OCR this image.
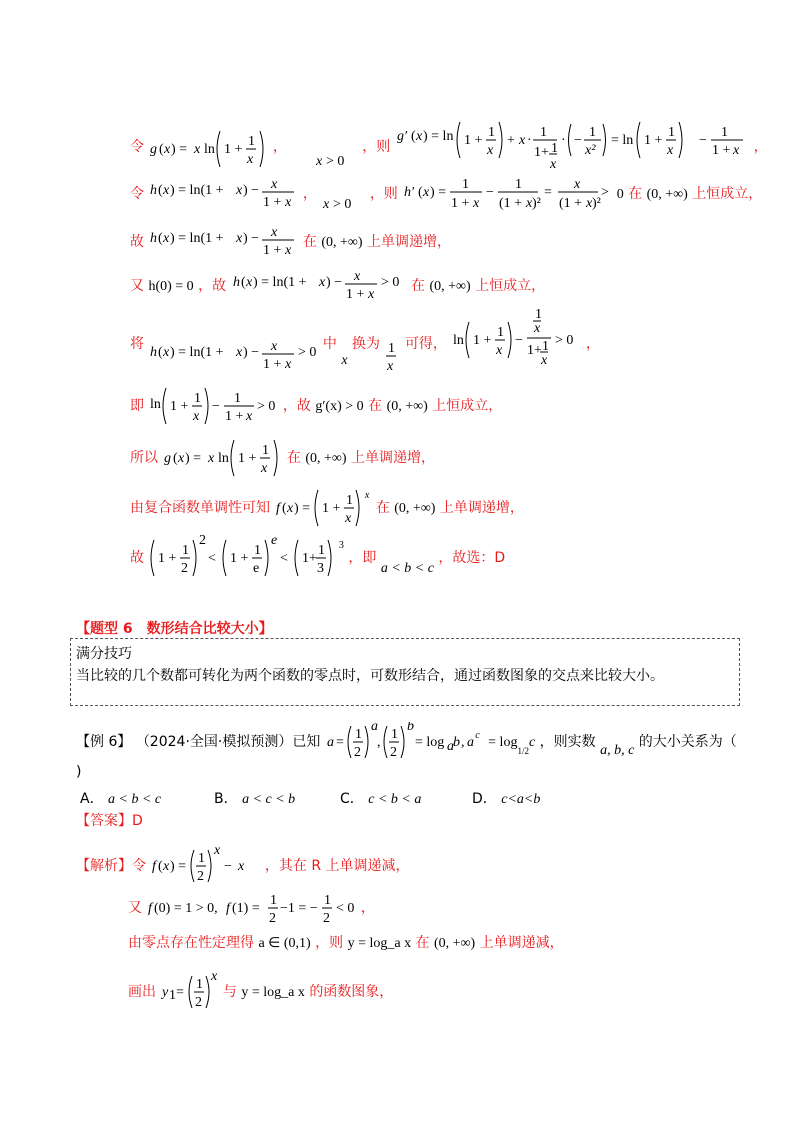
令 g ( x ) = x ln 1 +
1
x
，
x > 0
，则
g′ ( x ) = ln 1 +
1
x
+ x ·
1
1+ 1
x
· −
1
x²
= ln 1 +
1
x

−
1
1 + x ，
令 h ( x ) = ln(1 + x ) − x
1 + x
，
x > 0
，则 h′ ( x ) =
1
1 + x
−
1
(1 + x )²
=
x
(1 + x )²
> 0 在 (0, +∞) 上恒成立，
故 h ( x ) = ln(1 + x ) − x
1 + x
在 (0, +∞) 上单调递增，
又 h(0) = 0 ，故 h ( x ) = ln(1 + x ) − x
1 + x
> 0 在 (0, +∞) 上恒成立，
将
h ( x ) = ln(1 + x ) − x
1 + x
> 0
中 x 换为 1
x
可得， ln 1 +
1
x
−
1
x
1+ 1
x
> 0 ，
即 ln 1 +
1
x
−
1
1 + x
> 0 ，故 g′(x) > 0 在 (0, +∞) 上恒成立，
所以 g ( x ) = x ln 1 +
1
x
在 (0, +∞) 上单调递增，
由复合函数单调性可知 f ( x ) = 1 +
1
x
$^x$ 在 (0, +∞) 上单调递增，
故 1 +
1
2
2
< 1 +
1
e
e
< 1+
1
3
$^3$ ，即 a < b < c ，故选：D
【题型 6　数形结合比较大小】
满分技巧
当比较的几个数都可转化为两个函数的零点时，可数形结合，通过函数图象的交点来比较大小。
【例 6】 （2024·全国·模拟预测）已知 a =
1
2
a
,
1
2
b
= log a b , a $^c = \log_{1/2}c$ ，则实数 a, b, c 的大小关系为（
)
A． a < b < c	B． a < c < b	C． c < b < a	D． c<a<b
【答案】D
【解析】令 f ( x ) =
1
2
x
− x ，其在 R 上单调递减，
又 f (0) = 1 > 0, f (1) =
1
2
−1 = −
1
2
< 0 ，
由零点存在性定理得 a ∈ (0,1) ，则 y = log_a x 在 (0, +∞) 上单调递减，
画出 y 1 =
1
2
x
与 y = log_a x 的函数图象，
